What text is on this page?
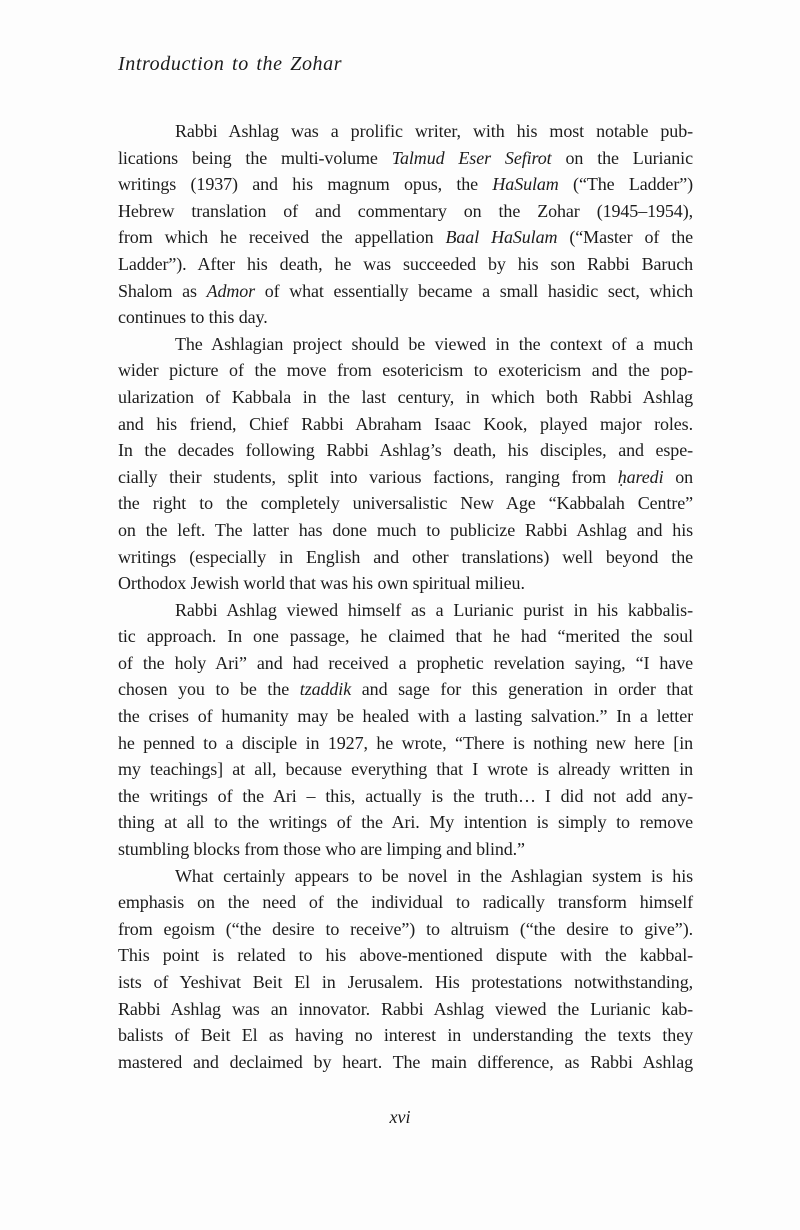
Introduction to the Zohar
Rabbi Ashlag was a prolific writer, with his most notable pub-
lications being the multi-volume Talmud Eser Sefirot on the Lurianic
writings (1937) and his magnum opus, the HaSulam (“The Ladder”)
Hebrew translation of and commentary on the Zohar (1945–1954),
from which he received the appellation Baal HaSulam (“Master of the
Ladder”). After his death, he was succeeded by his son Rabbi Baruch
Shalom as Admor of what essentially became a small hasidic sect, which
continues to this day.
The Ashlagian project should be viewed in the context of a much
wider picture of the move from esotericism to exotericism and the pop-
ularization of Kabbala in the last century, in which both Rabbi Ashlag
and his friend, Chief Rabbi Abraham Isaac Kook, played major roles.
In the decades following Rabbi Ashlag’s death, his disciples, and espe-
cially their students, split into various factions, ranging from ḥaredi on
the right to the completely universalistic New Age “Kabbalah Centre”
on the left. The latter has done much to publicize Rabbi Ashlag and his
writings (especially in English and other translations) well beyond the
Orthodox Jewish world that was his own spiritual milieu.
Rabbi Ashlag viewed himself as a Lurianic purist in his kabbalis-
tic approach. In one passage, he claimed that he had “merited the soul
of the holy Ari” and had received a prophetic revelation saying, “I have
chosen you to be the tzaddik and sage for this generation in order that
the crises of humanity may be healed with a lasting salvation.” In a letter
he penned to a disciple in 1927, he wrote, “There is nothing new here [in
my teachings] at all, because everything that I wrote is already written in
the writings of the Ari – this, actually is the truth… I did not add any-
thing at all to the writings of the Ari. My intention is simply to remove
stumbling blocks from those who are limping and blind.”
What certainly appears to be novel in the Ashlagian system is his
emphasis on the need of the individual to radically transform himself
from egoism (“the desire to receive”) to altruism (“the desire to give”).
This point is related to his above-mentioned dispute with the kabbal-
ists of Yeshivat Beit El in Jerusalem. His protestations notwithstanding,
Rabbi Ashlag was an innovator. Rabbi Ashlag viewed the Lurianic kab-
balists of Beit El as having no interest in understanding the texts they
mastered and declaimed by heart. The main difference, as Rabbi Ashlag
xvi
